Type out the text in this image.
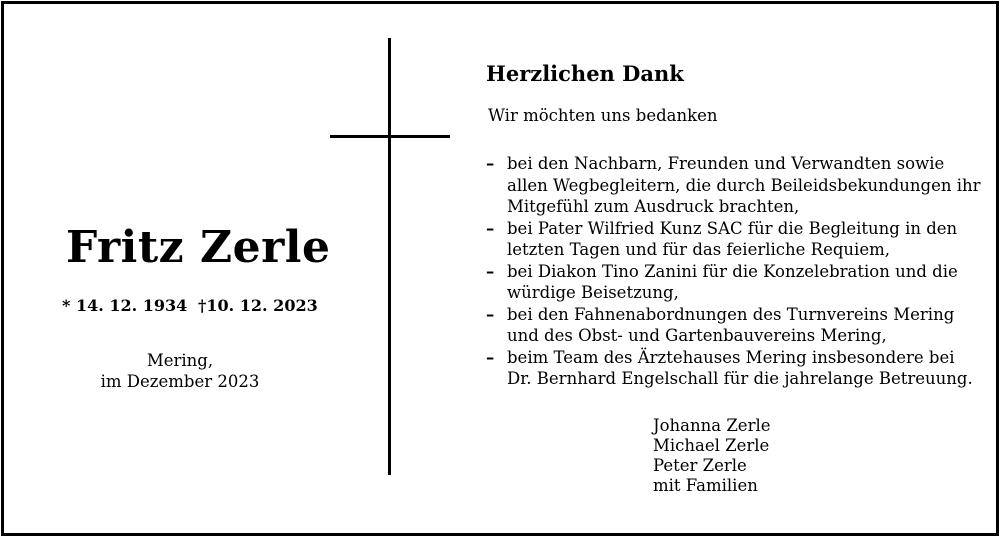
Fritz Zerle
* 14. 12. 1934 †10. 12. 2023
Mering,
im Dezember 2023
Herzlichen Dank
Wir möchten uns bedanken
– bei den Nachbarn, Freunden und Verwandten sowie
allen Wegbegleitern, die durch Beileidsbekundungen ihr
Mitgefühl zum Ausdruck brachten,
– bei Pater Wilfried Kunz SAC für die Begleitung in den
letzten Tagen und für das feierliche Requiem,
– bei Diakon Tino Zanini für die Konzelebration und die
würdige Beisetzung,
– bei den Fahnenabordnungen des Turnvereins Mering
und des Obst- und Gartenbauvereins Mering,
– beim Team des Ärztehauses Mering insbesondere bei
Dr. Bernhard Engelschall für die jahrelange Betreuung.
Johanna Zerle
Michael Zerle
Peter Zerle
mit Familien
